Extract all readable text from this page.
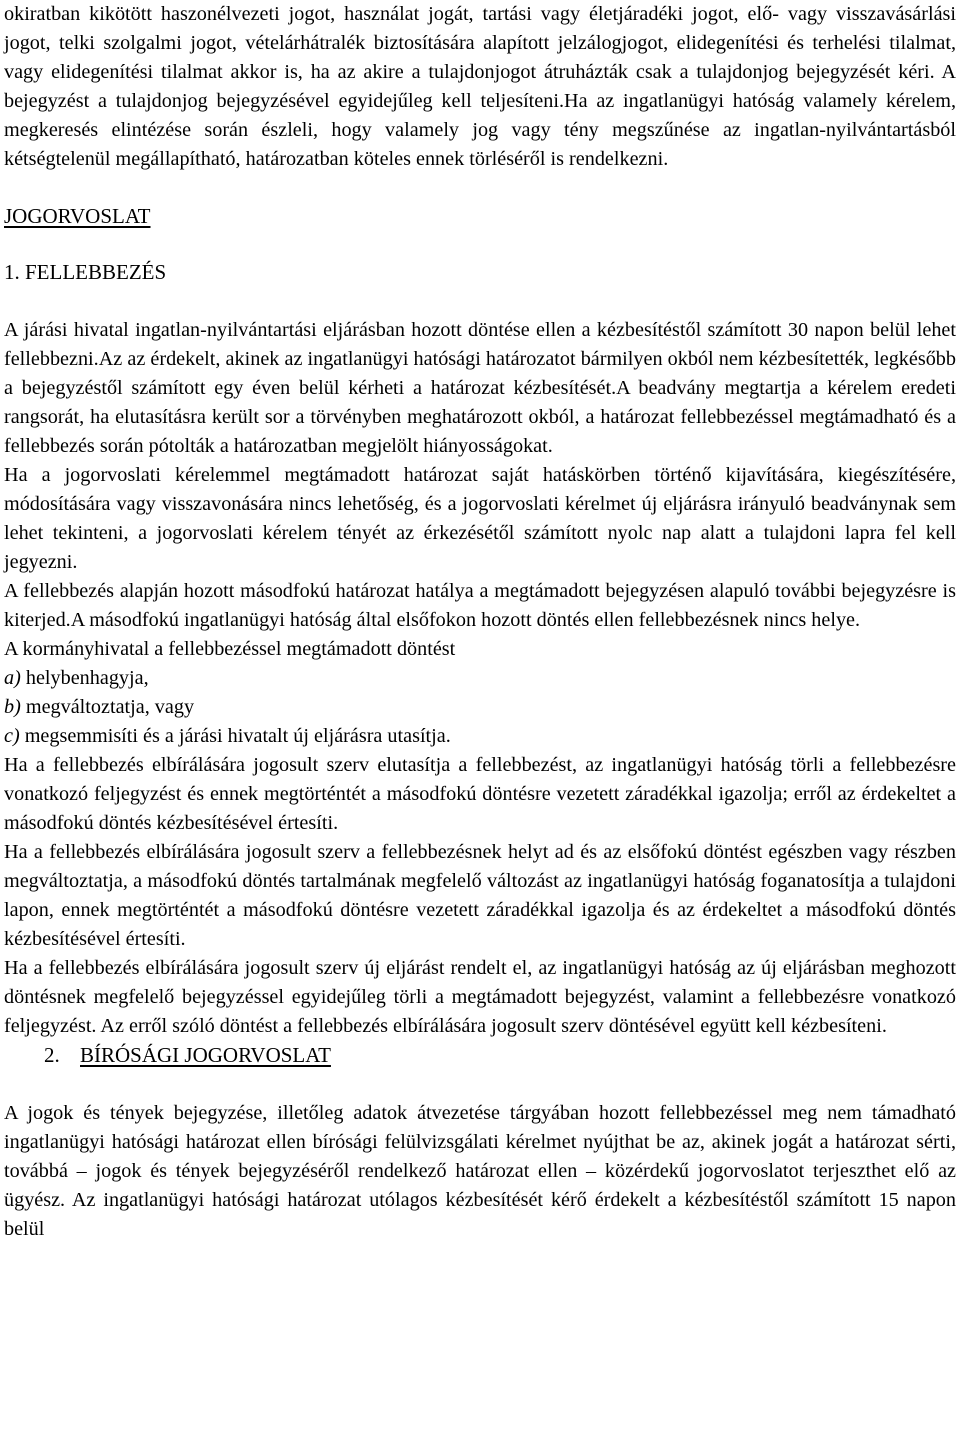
okiratban kikötött haszonélvezeti jogot, használat jogát, tartási vagy életjáradéki jogot, elő- vagy visszavásárlási jogot, telki szolgalmi jogot, vételárhátralék biztosítására alapított jelzálogjogot, elidegenítési és terhelési tilalmat, vagy elidegenítési tilalmat akkor is, ha az akire a tulajdonjogot átruházták csak a tulajdonjog bejegyzését kéri. A bejegyzést a tulajdonjog bejegyzésével egyidejűleg kell teljesíteni.Ha az ingatlanügyi hatóság valamely kérelem, megkeresés elintézése során észleli, hogy valamely jog vagy tény megszűnése az ingatlan-nyilvántartásból kétségtelenül megállapítható, határozatban köteles ennek törléséről is rendelkezni.

JOGORVOSLAT

1. FELLEBBEZÉS

A járási hivatal ingatlan-nyilvántartási eljárásban hozott döntése ellen a kézbesítéstől számított 30 napon belül lehet fellebbezni.Az az érdekelt, akinek az ingatlanügyi hatósági határozatot bármilyen okból nem kézbesítették, legkésőbb a bejegyzéstől számított egy éven belül kérheti a határozat kézbesítését.A beadvány megtartja a kérelem eredeti rangsorát, ha elutasításra került sor a törvényben meghatározott okból, a határozat fellebbezéssel megtámadható és a fellebbezés során pótolták a határozatban megjelölt hiányosságokat.

Ha a jogorvoslati kérelemmel megtámadott határozat saját hatáskörben történő kijavítására, kiegészítésére, módosítására vagy visszavonására nincs lehetőség, és a jogorvoslati kérelmet új eljárásra irányuló beadványnak sem lehet tekinteni, a jogorvoslati kérelem tényét az érkezésétől számított nyolc nap alatt a tulajdoni lapra fel kell jegyezni.

A fellebbezés alapján hozott másodfokú határozat hatálya a megtámadott bejegyzésen alapuló további bejegyzésre is kiterjed.A másodfokú ingatlanügyi hatóság által elsőfokon hozott döntés ellen fellebbezésnek nincs helye.

A kormányhivatal a fellebbezéssel megtámadott döntést

a) helybenhagyja,

b) megváltoztatja, vagy

c) megsemmisíti és a járási hivatalt új eljárásra utasítja.

Ha a fellebbezés elbírálására jogosult szerv elutasítja a fellebbezést, az ingatlanügyi hatóság törli a fellebbezésre vonatkozó feljegyzést és ennek megtörténtét a másodfokú döntésre vezetett záradékkal igazolja; erről az érdekeltet a másodfokú döntés kézbesítésével értesíti.

Ha a fellebbezés elbírálására jogosult szerv a fellebbezésnek helyt ad és az elsőfokú döntést egészben vagy részben megváltoztatja, a másodfokú döntés tartalmának megfelelő változást az ingatlanügyi hatóság foganatosítja a tulajdoni lapon, ennek megtörténtét a másodfokú döntésre vezetett záradékkal igazolja és az érdekeltet a másodfokú döntés kézbesítésével értesíti.

Ha a fellebbezés elbírálására jogosult szerv új eljárást rendelt el, az ingatlanügyi hatóság az új eljárásban meghozott döntésnek megfelelő bejegyzéssel egyidejűleg törli a megtámadott bejegyzést, valamint a fellebbezésre vonatkozó feljegyzést. Az erről szóló döntést a fellebbezés elbírálására jogosult szerv döntésével együtt kell kézbesíteni.

2. BÍRÓSÁGI JOGORVOSLAT

A jogok és tények bejegyzése, illetőleg adatok átvezetése tárgyában hozott fellebbezéssel meg nem támadható ingatlanügyi hatósági határozat ellen bírósági felülvizsgálati kérelmet nyújthat be az, akinek jogát a határozat sérti, továbbá – jogok és tények bejegyzéséről rendelkező határozat ellen – közérdekű jogorvoslatot terjeszthet elő az ügyész. Az ingatlanügyi hatósági határozat utólagos kézbesítését kérő érdekelt a kézbesítéstől számított 15 napon belül
